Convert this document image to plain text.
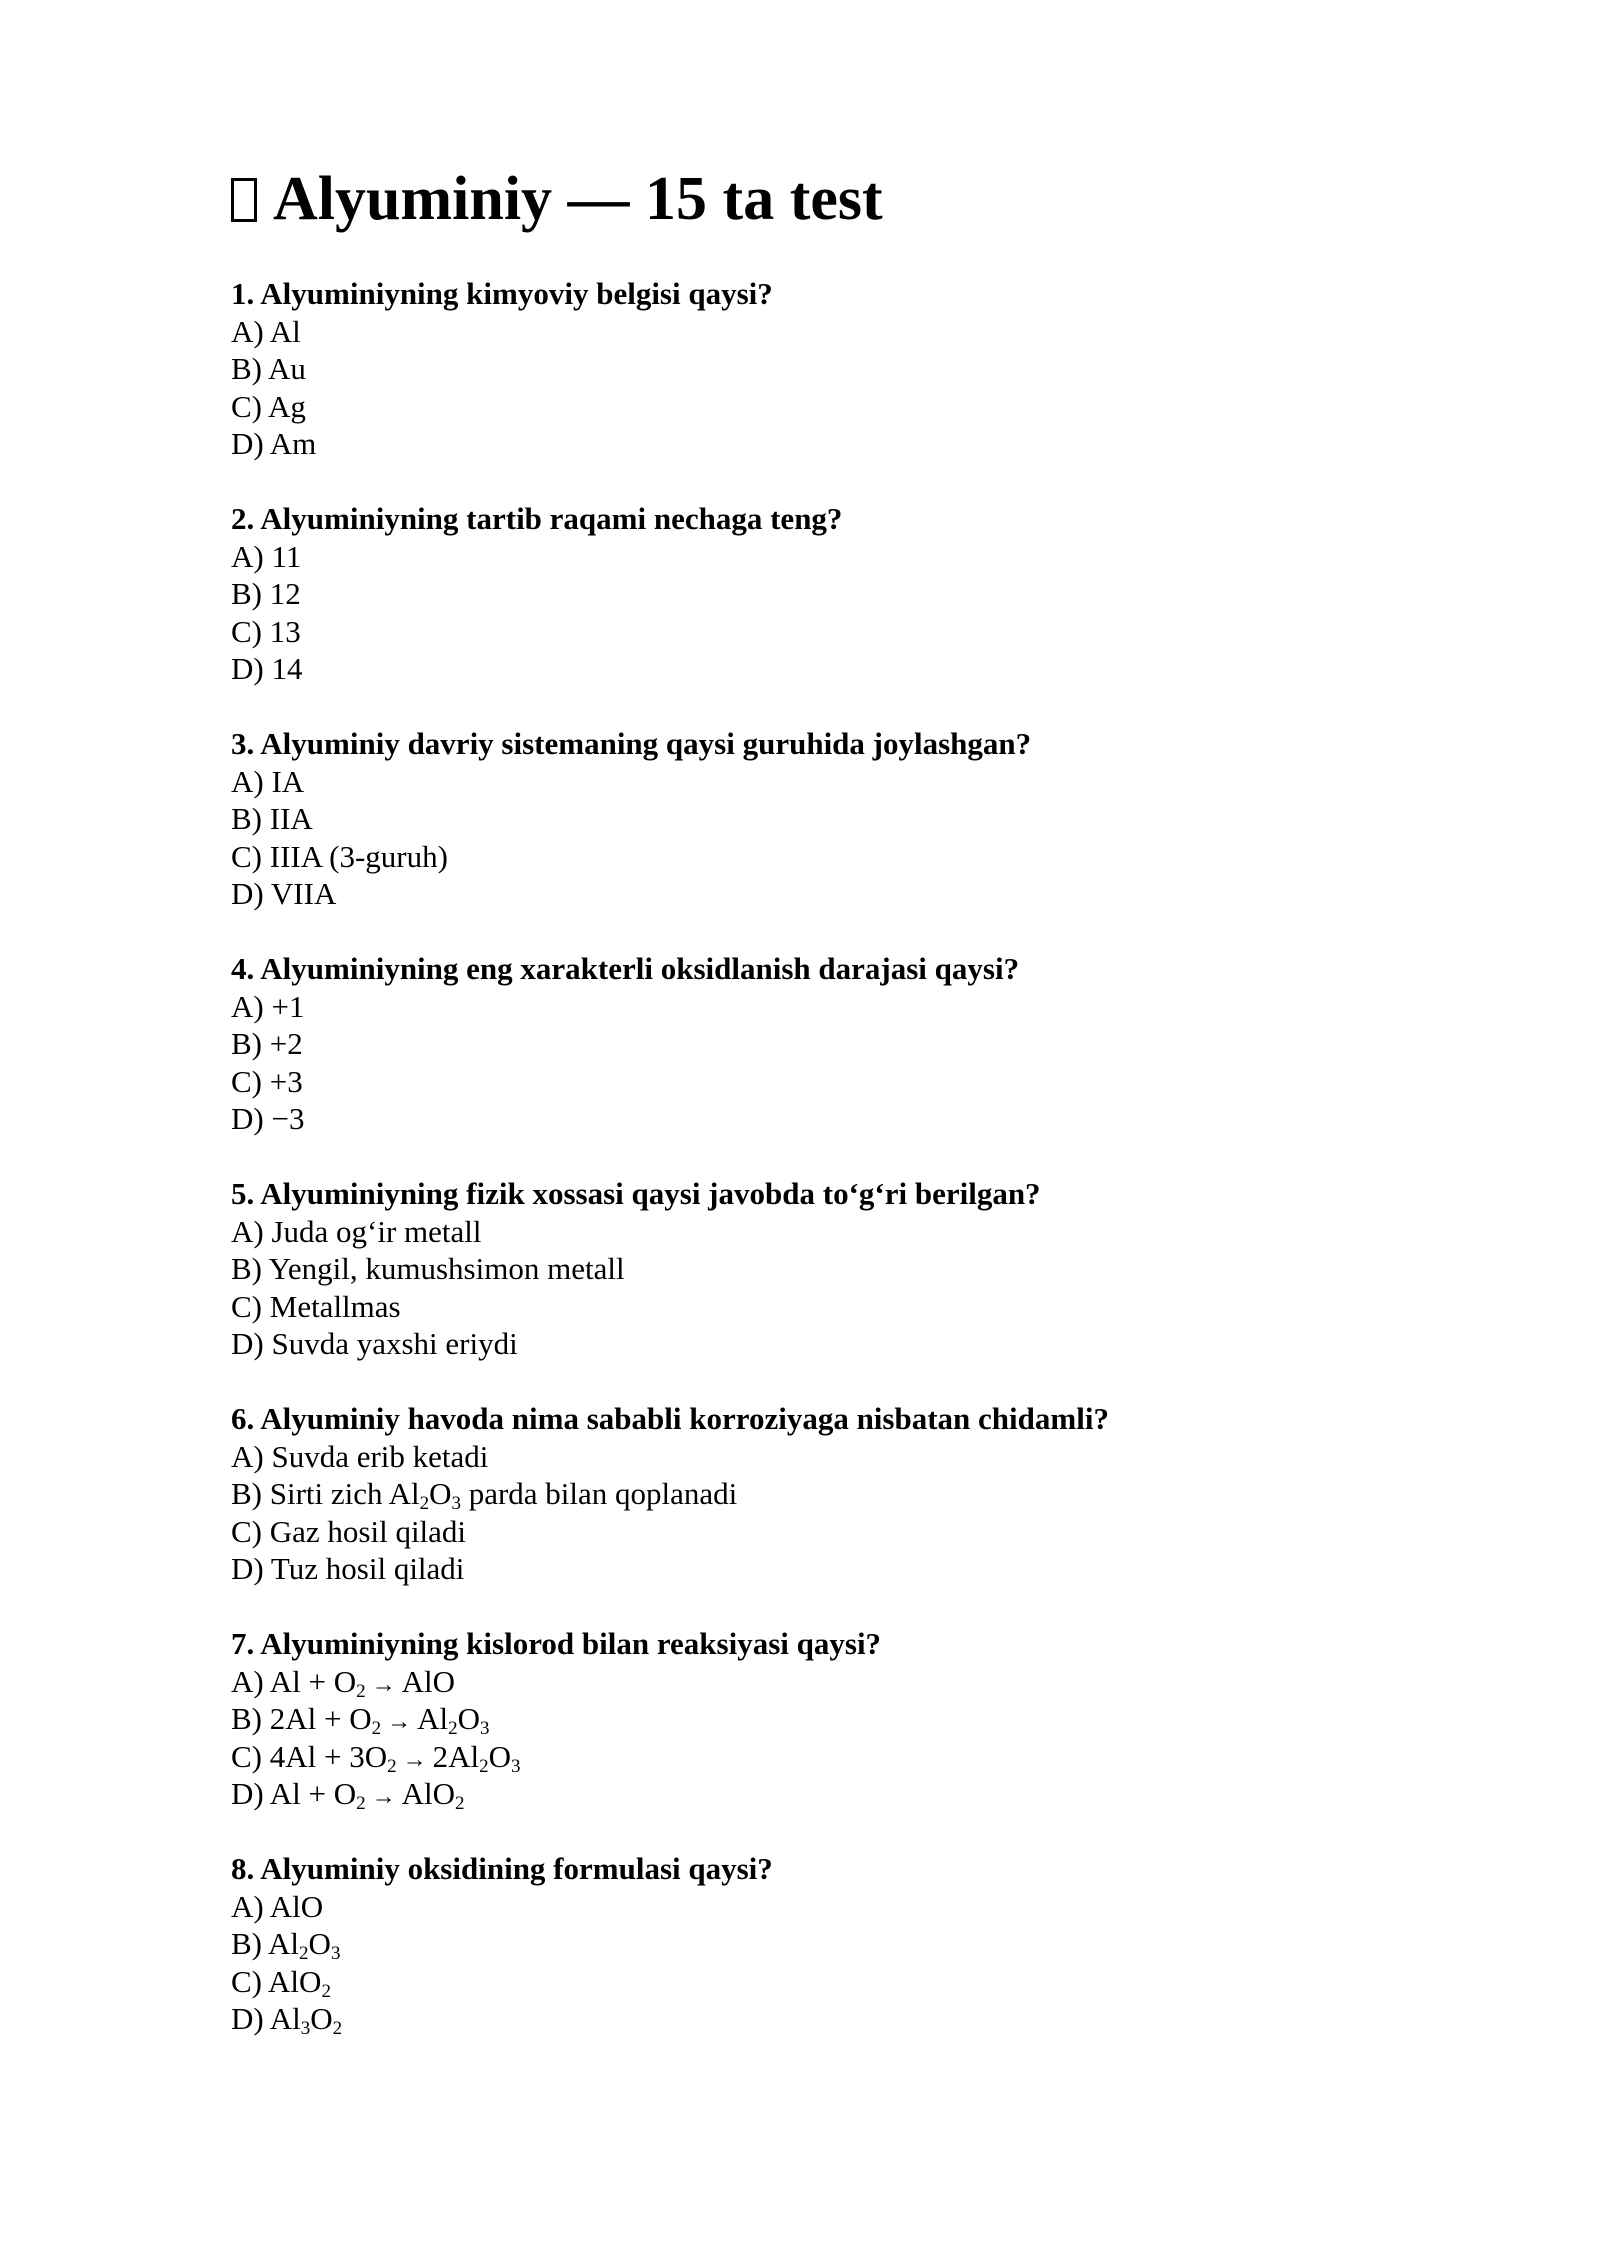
Alyuminiy — 15 ta test
1. Alyuminiyning kimyoviy belgisi qaysi?
A) Al
B) Au
C) Ag
D) Am
2. Alyuminiyning tartib raqami nechaga teng?
A) 11
B) 12
C) 13
D) 14
3. Alyuminiy davriy sistemaning qaysi guruhida joylashgan?
A) IA
B) IIA
C) IIIA (3-guruh)
D) VIIA
4. Alyuminiyning eng xarakterli oksidlanish darajasi qaysi?
A) +1
B) +2
C) +3
D) −3
5. Alyuminiyning fizik xossasi qaysi javobda to‘g‘ri berilgan?
A) Juda og‘ir metall
B) Yengil, kumushsimon metall
C) Metallmas
D) Suvda yaxshi eriydi
6. Alyuminiy havoda nima sababli korroziyaga nisbatan chidamli?
A) Suvda erib ketadi
B) Sirti zich $Al_2O_3$ parda bilan qoplanadi
C) Gaz hosil qiladi
D) Tuz hosil qiladi
7. Alyuminiyning kislorod bilan reaksiyasi qaysi?
A) $Al + O_2$ → AlO
B) $2Al + O_2 \to Al_2O_3$
C) $4Al + 3O_2 \to 2Al_2O_3$
D) $Al + O_2 \to AlO_2$
8. Alyuminiy oksidining formulasi qaysi?
A) AlO
B) $Al_2O_3$
C) AlO$_2$
D) $Al_3O_2$
